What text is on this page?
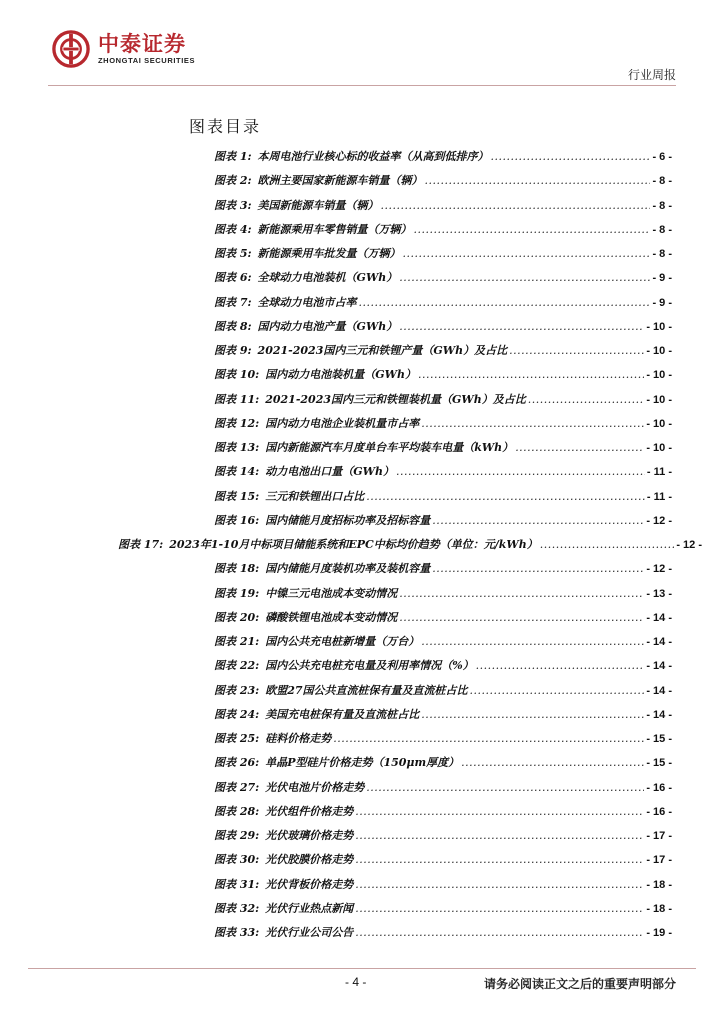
中泰证券
ZHONGTAI SECURITIES
行业周报
图表目录
图表 1: 本周电池行业核心标的收益率（从高到低排序） .....	- 6 -
图表 2: 欧洲主要国家新能源车销量（辆） .....	- 8 -
图表 3: 美国新能源车销量（辆） .....	- 8 -
图表 4: 新能源乘用车零售销量（万辆） .....	- 8 -
图表 5: 新能源乘用车批发量（万辆） .....	- 8 -
图表 6: 全球动力电池装机（GWh） .....	- 9 -
图表 7: 全球动力电池市占率 .....	- 9 -
图表 8: 国内动力电池产量（GWh） .....	- 10 -
图表 9: 2021-2023国内三元和铁锂产量（GWh）及占比 .....	- 10 -
图表 10: 国内动力电池装机量（GWh） .....	- 10 -
图表 11: 2021-2023国内三元和铁锂装机量（GWh）及占比 .....	- 10 -
图表 12: 国内动力电池企业装机量市占率 .....	- 10 -
图表 13: 国内新能源汽车月度单台车平均装车电量（kWh） .....	- 10 -
图表 14: 动力电池出口量（GWh） .....	- 11 -
图表 15: 三元和铁锂出口占比 .....	- 11 -
图表 16: 国内储能月度招标功率及招标容量 .....	- 12 -
图表 17: 2023年1-10月中标项目储能系统和EPC中标均价趋势（单位：元/kWh） .....	- 12 -
图表 18: 国内储能月度装机功率及装机容量 .....	- 12 -
图表 19: 中镍三元电池成本变动情况 .....	- 13 -
图表 20: 磷酸铁锂电池成本变动情况 .....	- 14 -
图表 21: 国内公共充电桩新增量（万台） .....	- 14 -
图表 22: 国内公共充电桩充电量及利用率情况（%） .....	- 14 -
图表 23: 欧盟27国公共直流桩保有量及直流桩占比 .....	- 14 -
图表 24: 美国充电桩保有量及直流桩占比 .....	- 14 -
图表 25: 硅料价格走势 .....	- 15 -
图表 26: 单晶P型硅片价格走势（150μm厚度） .....	- 15 -
图表 27: 光伏电池片价格走势 .....	- 16 -
图表 28: 光伏组件价格走势 .....	- 16 -
图表 29: 光伏玻璃价格走势 .....	- 17 -
图表 30: 光伏胶膜价格走势 .....	- 17 -
图表 31: 光伏背板价格走势 .....	- 18 -
图表 32: 光伏行业热点新闻 .....	- 18 -
图表 33: 光伏行业公司公告 .....	- 19 -
- 4 -	请务必阅读正文之后的重要声明部分
